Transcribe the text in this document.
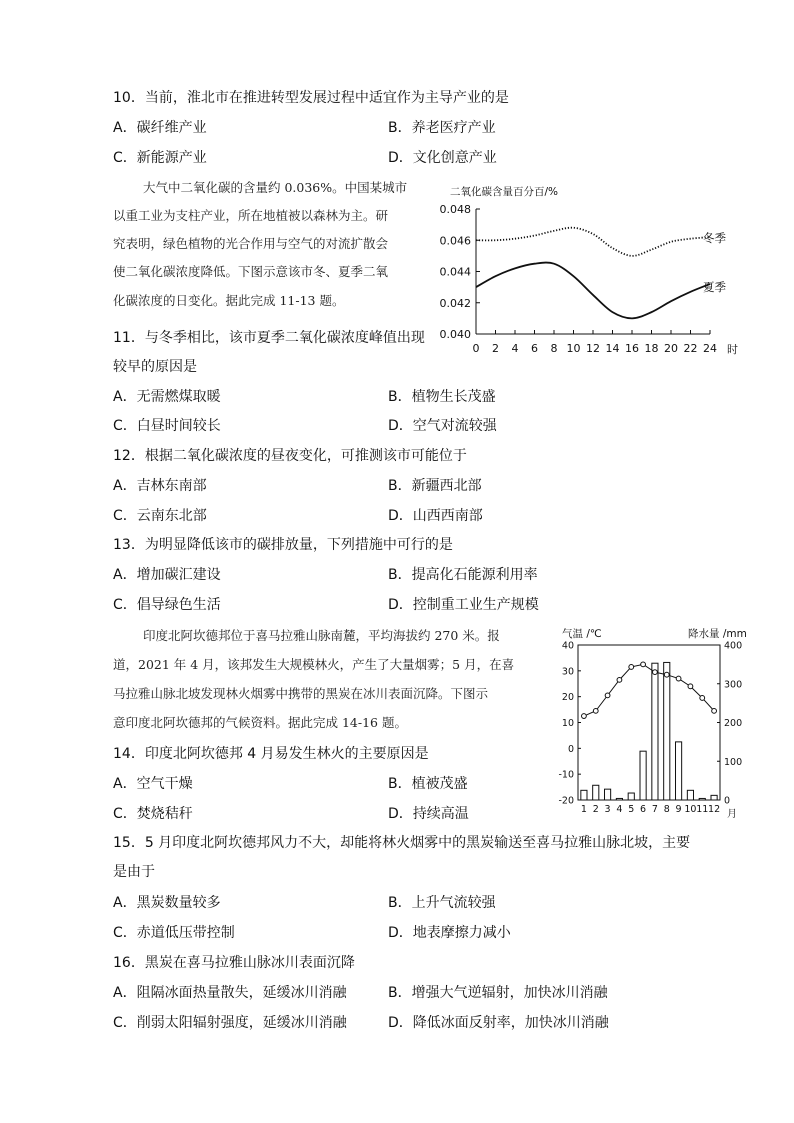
10．当前，淮北市在推进转型发展过程中适宜作为主导产业的是
A．碳纤维产业	B．养老医疗产业
C．新能源产业	D．文化创意产业
大气中二氧化碳的含量约 0.036%。中国某城市
以重工业为支柱产业，所在地植被以森林为主。研
究表明，绿色植物的光合作用与空气的对流扩散会
使二氧化碳浓度降低。下图示意该市冬、夏季二氧
化碳浓度的日变化。据此完成 11-13 题。
二氧化碳含量百分百/%
0.040
0.042
0.044
0.046
0.048
0 2 4 6 8 10 12 14 16 18 20 22 24
冬季
夏季
时
11．与冬季相比，该市夏季二氧化碳浓度峰值出现
较早的原因是
A．无需燃煤取暖	B．植物生长茂盛
C．白昼时间较长	D．空气对流较强
12．根据二氧化碳浓度的昼夜变化，可推测该市可能位于
A．吉林东南部	B．新疆西北部
C．云南东北部	D．山西西南部
13．为明显降低该市的碳排放量，下列措施中可行的是
A．增加碳汇建设	B．提高化石能源利用率
C．倡导绿色生活	D．控制重工业生产规模
印度北阿坎德邦位于喜马拉雅山脉南麓，平均海拔约 270 米。报
道，2021 年 4 月，该邦发生大规模林火，产生了大量烟雾；5 月，在喜
马拉雅山脉北坡发现林火烟雾中携带的黑炭在冰川表面沉降。下图示
意印度北阿坎德邦的气候资料。据此完成 14-16 题。
气温 /℃	降水量 /mm
40
30
20
10
0
-10
-20
400
300
200
100
0
1 2 3 4 5 6 7 8 9 10 11 12 月
14．印度北阿坎德邦 4 月易发生林火的主要原因是
A．空气干燥	B．植被茂盛
C．焚烧秸秆	D．持续高温
15．5 月印度北阿坎德邦风力不大，却能将林火烟雾中的黑炭输送至喜马拉雅山脉北坡，主要
是由于
A．黑炭数量较多	B．上升气流较强
C．赤道低压带控制	D．地表摩擦力减小
16．黑炭在喜马拉雅山脉冰川表面沉降
A．阻隔冰面热量散失，延缓冰川消融	B．增强大气逆辐射，加快冰川消融
C．削弱太阳辐射强度，延缓冰川消融	D．降低冰面反射率，加快冰川消融
